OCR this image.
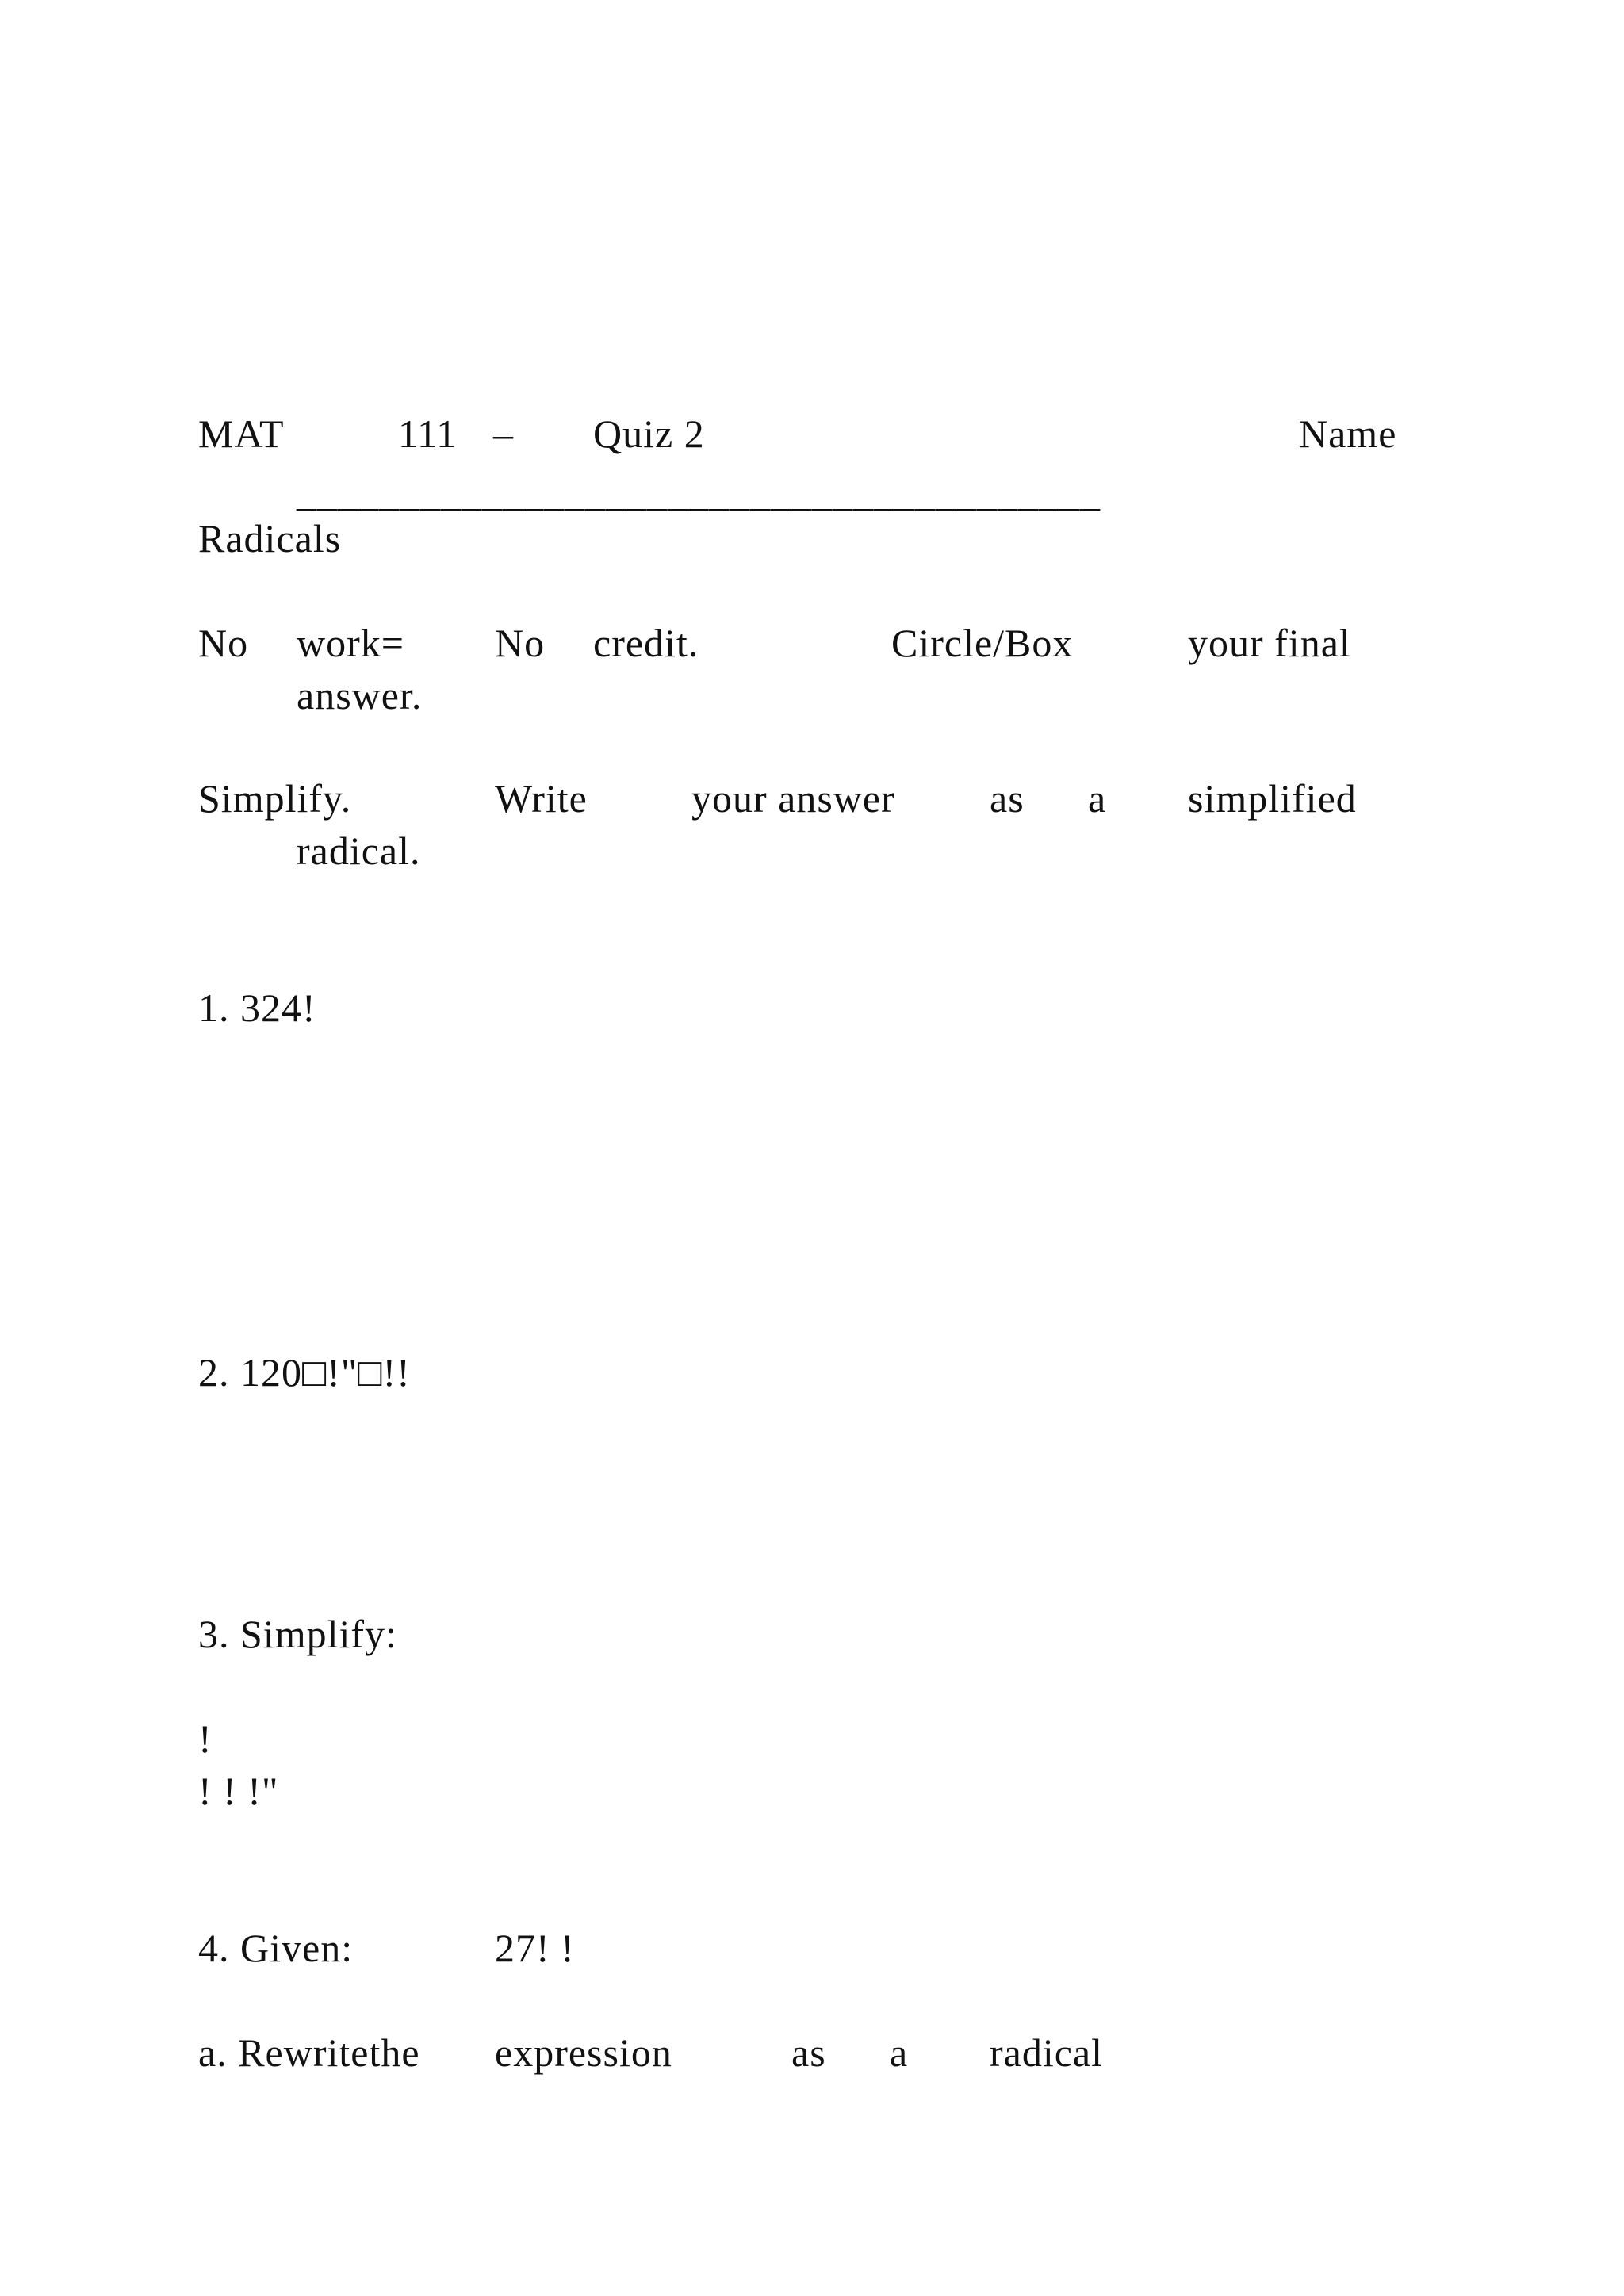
MAT	111 – Quiz 2	Name
_______________________________________
Radicals
No work= No credit.	Circle/Box	your final
answer.
Simplify.	Write	your answer as a simplified
radical.
1. 324!
2. 120□!"□!!
3. Simplify:
!
! ! !"
4. Given:	27! !
a. Rewritethe expression	as a radical
